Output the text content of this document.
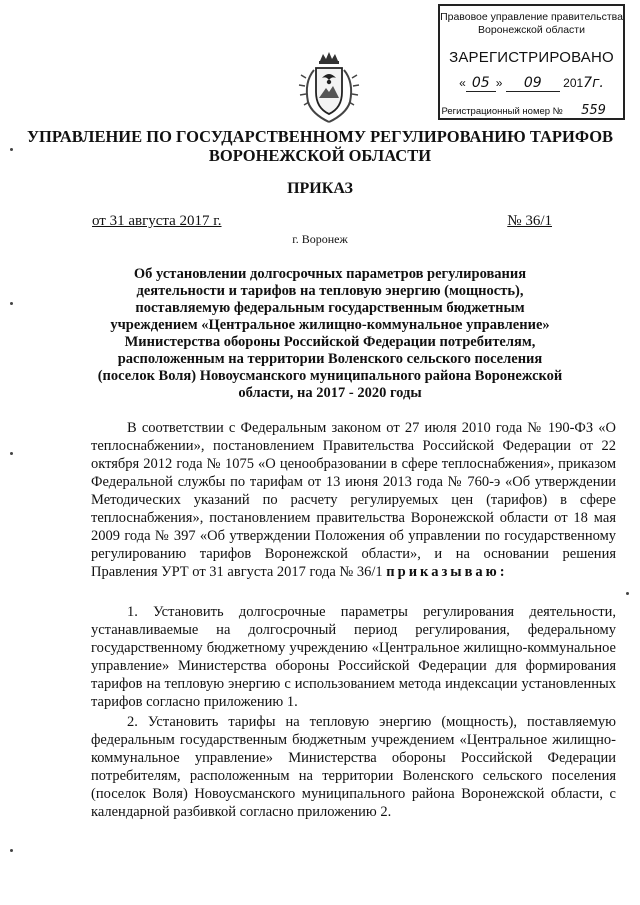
Правовое управление правительства Воронежской области
ЗАРЕГИСТРИРОВАНО
« 05 » 09 2017г.
Регистрационный номер № 559
УПРАВЛЕНИЕ ПО ГОСУДАРСТВЕННОМУ РЕГУЛИРОВАНИЮ ТАРИФОВ ВОРОНЕЖСКОЙ ОБЛАСТИ
ПРИКАЗ
от 31 августа 2017 г.	№ 36/1
г. Воронеж

Об установлении долгосрочных параметров регулирования деятельности и тарифов на тепловую энергию (мощность), поставляемую федеральным государственным бюджетным учреждением «Центральное жилищно-коммунальное управление» Министерства обороны Российской Федерации потребителям, расположенным на территории Воленского сельского поселения (поселок Воля) Новоусманского муниципального района Воронежской области, на 2017 - 2020 годы

В соответствии с Федеральным законом от 27 июля 2010 года № 190-ФЗ «О теплоснабжении», постановлением Правительства Российской Федерации от 22 октября 2012 года № 1075 «О ценообразовании в сфере теплоснабжения», приказом Федеральной службы по тарифам от 13 июня 2013 года № 760-э «Об утверждении Методических указаний по расчету регулируемых цен (тарифов) в сфере теплоснабжения», постановлением правительства Воронежской области от 18 мая 2009 года № 397 «Об утверждении Положения об управлении по государственному регулированию тарифов Воронежской области», и на основании решения Правления УРТ от 31 августа 2017 года № 36/1 приказываю:

1. Установить долгосрочные параметры регулирования деятельности, устанавливаемые на долгосрочный период регулирования, федеральному государственному бюджетному учреждению «Центральное жилищно-коммунальное управление» Министерства обороны Российской Федерации для формирования тарифов на тепловую энергию с использованием метода индексации установленных тарифов согласно приложению 1.

2. Установить тарифы на тепловую энергию (мощность), поставляемую федеральным государственным бюджетным учреждением «Центральное жилищно-коммунальное управление» Министерства обороны Российской Федерации потребителям, расположенным на территории Воленского сельского поселения (поселок Воля) Новоусманского муниципального района Воронежской области, с календарной разбивкой согласно приложению 2.
